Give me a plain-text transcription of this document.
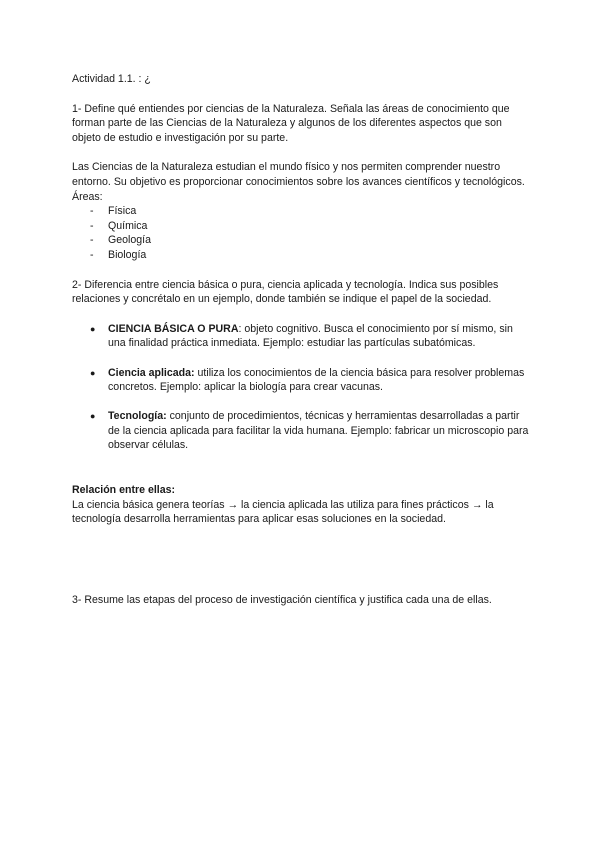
Actividad 1.1. : ¿

1- Define qué entiendes por ciencias de la Naturaleza. Señala las áreas de conocimiento que forman parte de las Ciencias de la Naturaleza y algunos de los diferentes aspectos que son objeto de estudio e investigación por su parte.

Las Ciencias de la Naturaleza estudian el mundo físico y nos permiten comprender nuestro entorno. Su objetivo es proporcionar conocimientos sobre los avances científicos y tecnológicos.

Áreas:

- Física
- Química
- Geología
- Biología

2- Diferencia entre ciencia básica o pura, ciencia aplicada y tecnología. Indica sus posibles relaciones y concrétalo en un ejemplo, donde también se indique el papel de la sociedad.

● CIENCIA BÁSICA O PURA: objeto cognitivo. Busca el conocimiento por sí mismo, sin una finalidad práctica inmediata. Ejemplo: estudiar las partículas subatómicas.
● Ciencia aplicada: utiliza los conocimientos de la ciencia básica para resolver problemas concretos. Ejemplo: aplicar la biología para crear vacunas.
● Tecnología: conjunto de procedimientos, técnicas y herramientas desarrolladas a partir de la ciencia aplicada para facilitar la vida humana. Ejemplo: fabricar un microscopio para observar células.

Relación entre ellas:

La ciencia básica genera teorías → la ciencia aplicada las utiliza para fines prácticos → la tecnología desarrolla herramientas para aplicar esas soluciones en la sociedad.

3- Resume las etapas del proceso de investigación científica y justifica cada una de ellas.
